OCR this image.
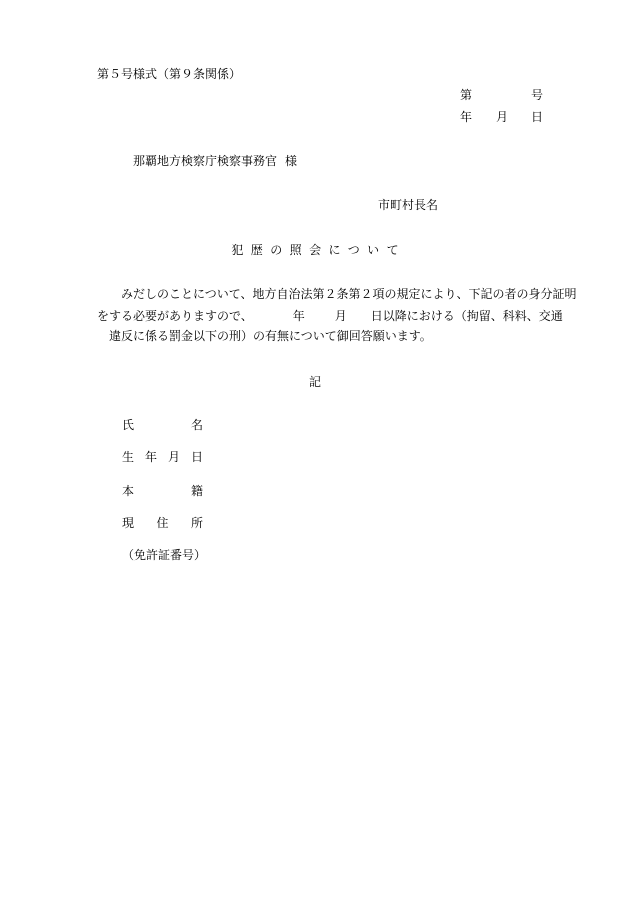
第５号様式（第９条関係）
第	号
年 月 日
那覇地方検察庁検察事務官 様
市町村長名
犯歴の照会について
みだしのことについて、地方自治法第２条第２項の規定により、下記の者の身分証明
をする必要がありますので、	年	月 日以降における（拘留、科料、交通
違反に係る罰金以下の刑）の有無について御回答願います。
記
氏	名
生 年 月 日
本	籍
現 住 所
（免許証番号）
